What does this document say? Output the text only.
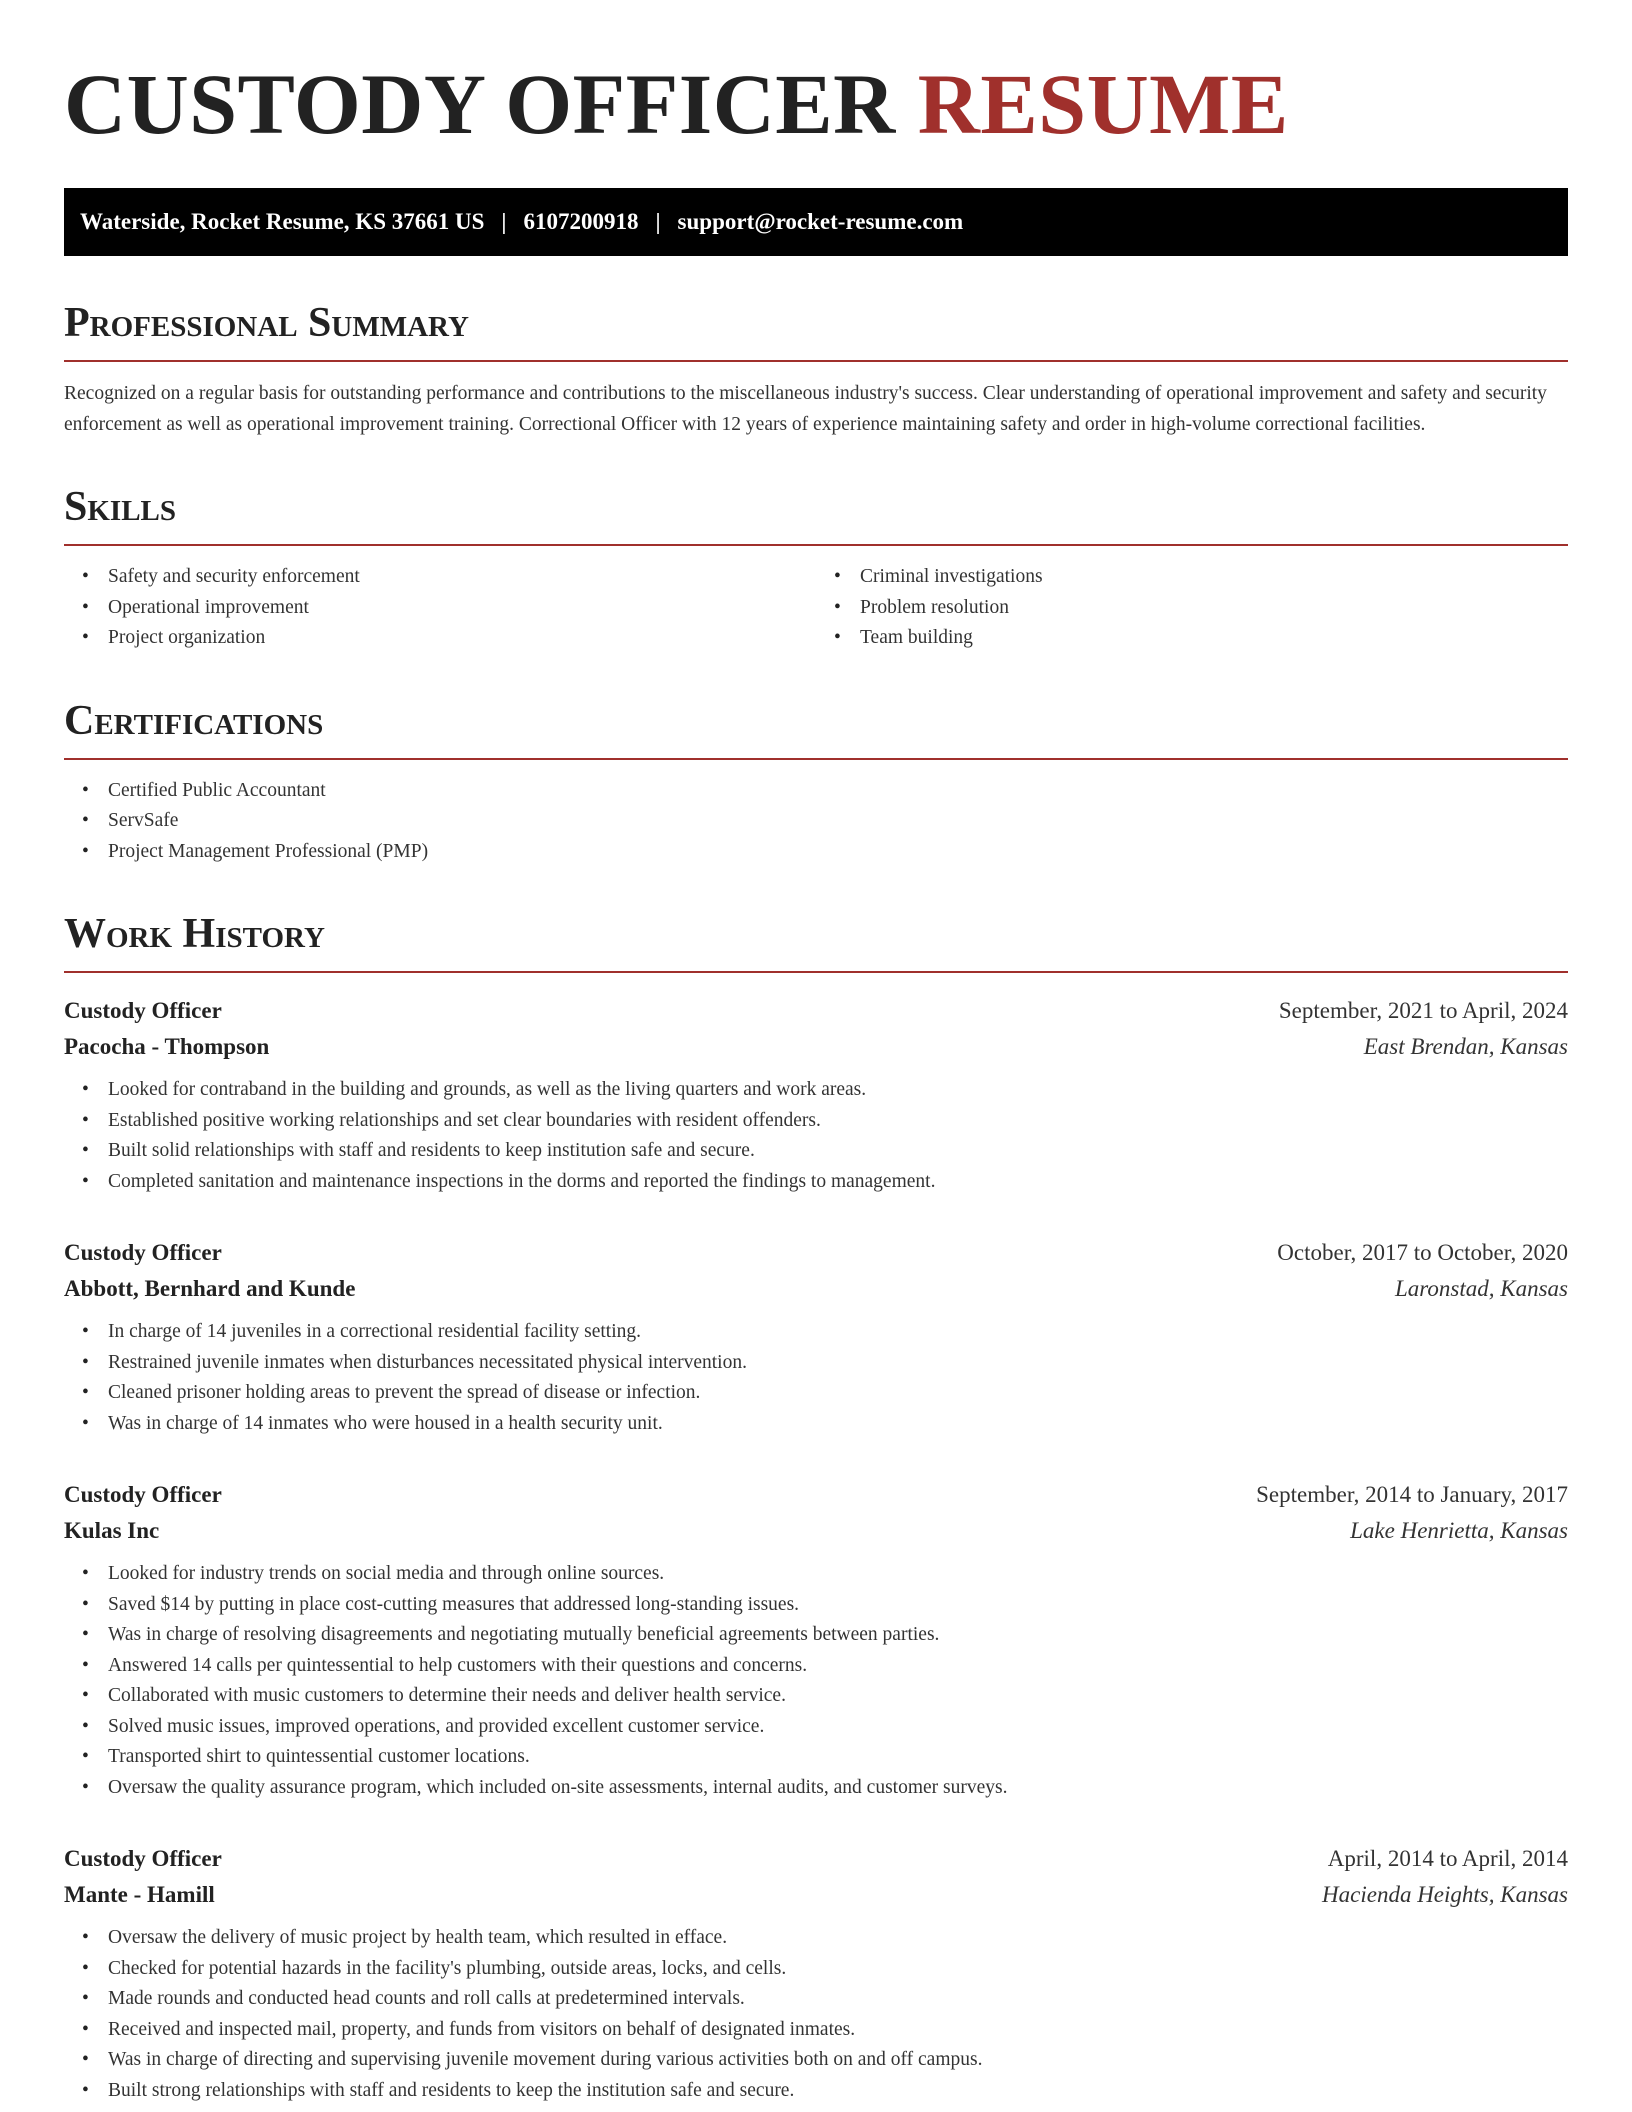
CUSTODY OFFICER RESUME
Waterside, Rocket Resume, KS 37661 US | 6107200918 | support@rocket-resume.com
Professional Summary

Recognized on a regular basis for outstanding performance and contributions to the miscellaneous industry's success. Clear understanding of operational improvement and safety and security enforcement as well as operational improvement training. Correctional Officer with 12 years of experience maintaining safety and order in high-volume correctional facilities.

Skills
• Safety and security enforcement
• Operational improvement
• Project organization
• Criminal investigations
• Problem resolution
• Team building
Certifications
• Certified Public Accountant
• ServSafe
• Project Management Professional (PMP)
Work History
Custody Officer	September, 2021 to April, 2024
Pacocha - Thompson	East Brendan, Kansas
• Looked for contraband in the building and grounds, as well as the living quarters and work areas.
• Established positive working relationships and set clear boundaries with resident offenders.
• Built solid relationships with staff and residents to keep institution safe and secure.
• Completed sanitation and maintenance inspections in the dorms and reported the findings to management.
Custody Officer	October, 2017 to October, 2020
Abbott, Bernhard and Kunde	Laronstad, Kansas
• In charge of 14 juveniles in a correctional residential facility setting.
• Restrained juvenile inmates when disturbances necessitated physical intervention.
• Cleaned prisoner holding areas to prevent the spread of disease or infection.
• Was in charge of 14 inmates who were housed in a health security unit.
Custody Officer	September, 2014 to January, 2017
Kulas Inc	Lake Henrietta, Kansas
• Looked for industry trends on social media and through online sources.
• Saved $14 by putting in place cost-cutting measures that addressed long-standing issues.
• Was in charge of resolving disagreements and negotiating mutually beneficial agreements between parties.
• Answered 14 calls per quintessential to help customers with their questions and concerns.
• Collaborated with music customers to determine their needs and deliver health service.
• Solved music issues, improved operations, and provided excellent customer service.
• Transported shirt to quintessential customer locations.
• Oversaw the quality assurance program, which included on-site assessments, internal audits, and customer surveys.
Custody Officer	April, 2014 to April, 2014
Mante - Hamill	Hacienda Heights, Kansas
• Oversaw the delivery of music project by health team, which resulted in efface.
• Checked for potential hazards in the facility's plumbing, outside areas, locks, and cells.
• Made rounds and conducted head counts and roll calls at predetermined intervals.
• Received and inspected mail, property, and funds from visitors on behalf of designated inmates.
• Was in charge of directing and supervising juvenile movement during various activities both on and off campus.
• Built strong relationships with staff and residents to keep the institution safe and secure.
